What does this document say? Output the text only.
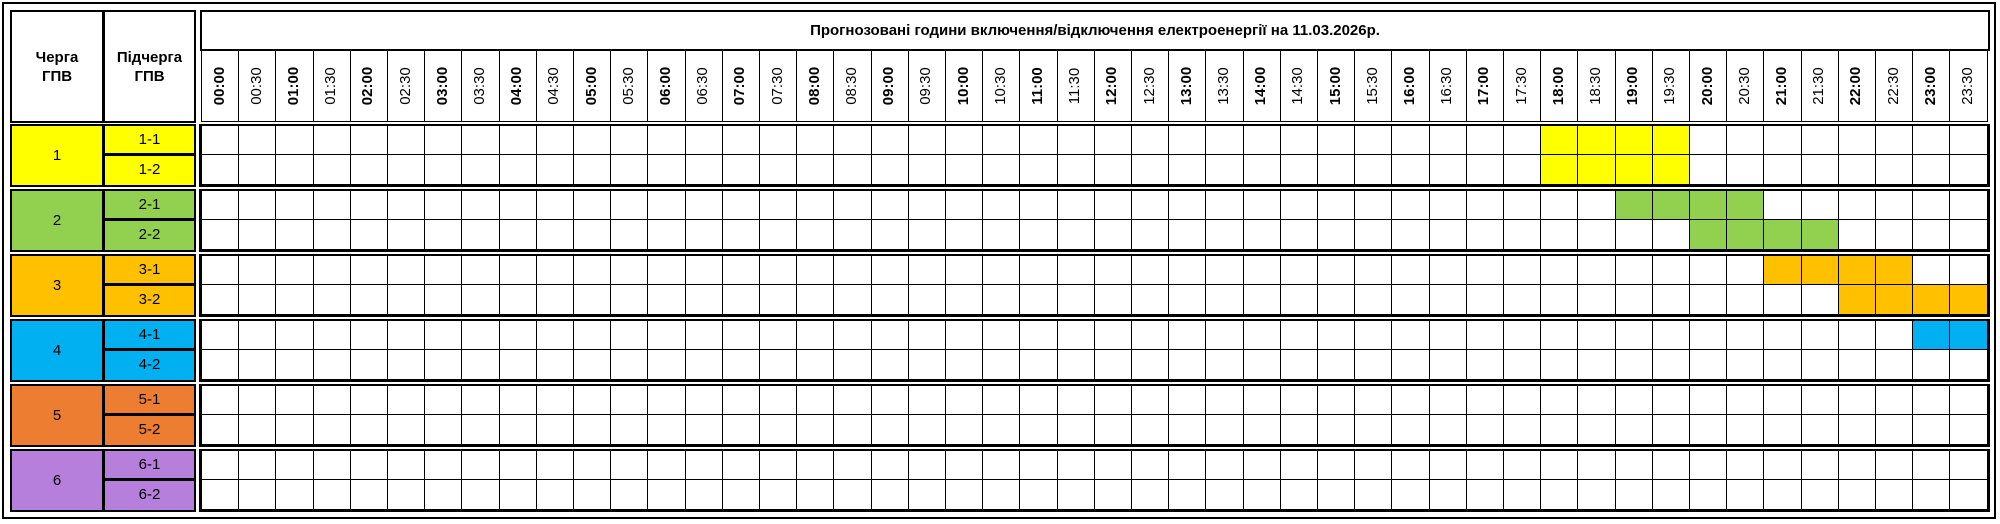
Черга ГПВ
Підчерга ГПВ
Прогнозовані години включення/відключення електроенергії на 11.03.2026р.
00:00 00:30 01:00 01:30 02:00 02:30 03:00 03:30 04:00 04:30 05:00 05:30 06:00 06:30 07:00 07:30 08:00 08:30 09:00 09:30 10:00 10:30 11:00 11:30 12:00 12:30 13:00 13:30 14:00 14:30 15:00 15:30 16:00 16:30 17:00 17:30 18:00 18:30 19:00 19:30 20:00 20:30 21:00 21:30 22:00 22:30 23:00 23:30
1
1-1
1-2
2
2-1
2-2
3
3-1
3-2
4
4-1
4-2
5
5-1
5-2
6
6-1
6-2
